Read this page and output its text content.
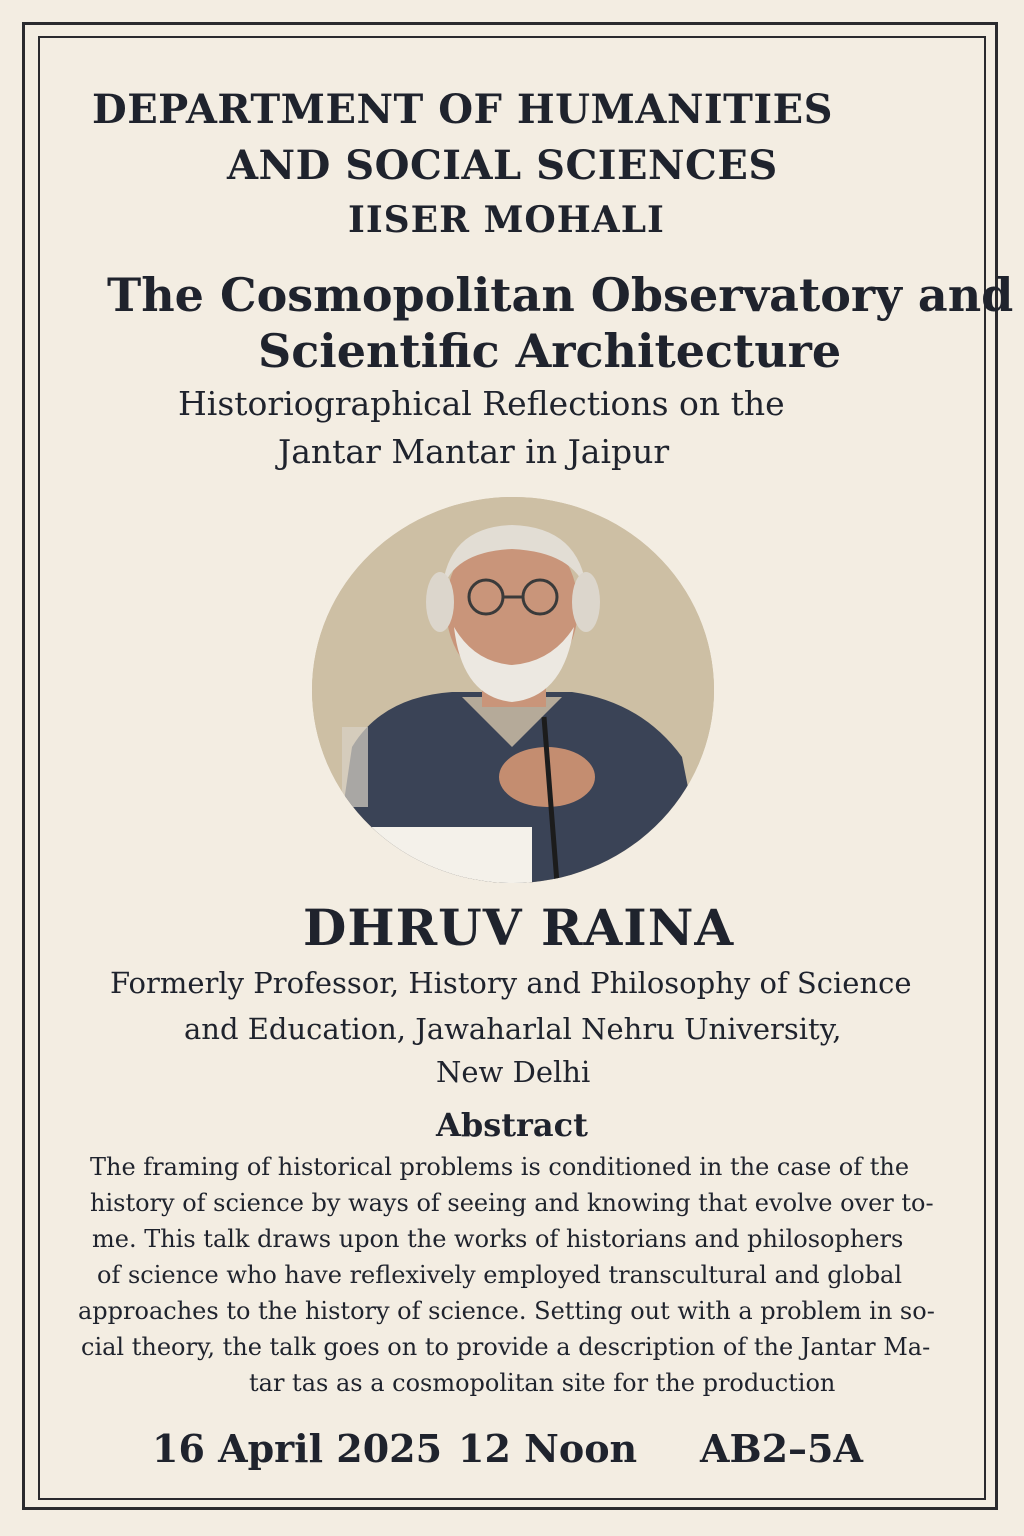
DEPARTMENT OF HUMANITIES
AND SOCIAL SCIENCES
IISER MOHALI
The Cosmopolitan Observatory and
Scientific Architecture
Historiographical Reflections on the
Jantar Mantar in Jaipur
DHRUV RAINA
Formerly Professor, History and Philosophy of Science
and Education, Jawaharlal Nehru University,
New Delhi
Abstract
The framing of historical problems is conditioned in the case of the
history of science by ways of seeing and knowing that evolve over to-
me. This talk draws upon the works of historians and philosophers
of science who have reflexively employed transcultural and global
approaches to the history of science. Setting out with a problem in so-
cial theory, the talk goes on to provide a description of the Jantar Ma-
tar tas as a cosmopolitan site for the production
16 April 2025 12 Noon AB2–5A
